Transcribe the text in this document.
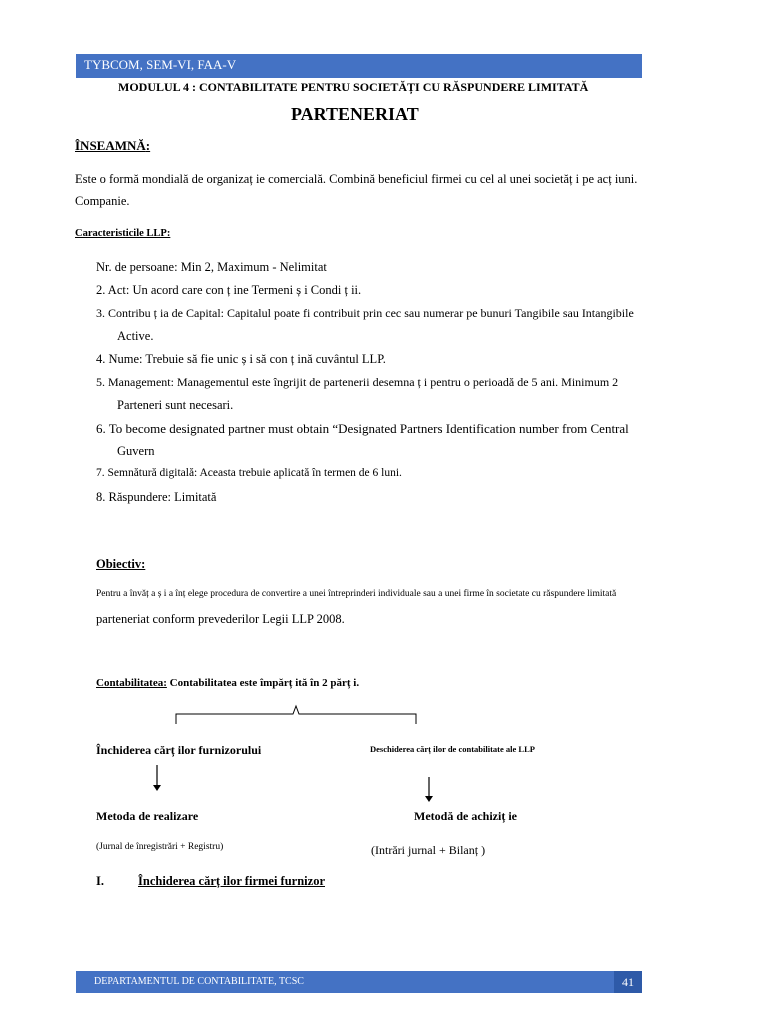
TYBCOM, SEM-VI, FAA-V
MODULUL 4 : CONTABILITATE PENTRU SOCIETĂȚI CU RĂSPUNDERE LIMITATĂ
PARTENERIAT
ÎNSEAMNĂ:
Este o formă mondială de organizaț ie comercială. Combină beneficiul firmei cu cel al unei societăț i pe acț iuni.
Companie.
Caracteristicile LLP:
Nr. de persoane: Min 2, Maximum - Nelimitat
2. Act: Un acord care con ț ine Termeni ș i Condi ț ii.
3. Contribu ț ia de Capital: Capitalul poate fi contribuit prin cec sau numerar pe bunuri Tangibile sau Intangibile
Active.
4. Nume: Trebuie să fie unic ș i să con ț ină cuvântul LLP.
5. Management: Managementul este îngrijit de partenerii desemna ț i pentru o perioadă de 5 ani. Minimum 2
Parteneri sunt necesari.
6. To become designated partner must obtain “Designated Partners Identification number from Central
Guvern
7. Semnătură digitală: Aceasta trebuie aplicată în termen de 6 luni.
8. Răspundere: Limitată
Obiectiv:
Pentru a învăț a ș i a înț elege procedura de convertire a unei întreprinderi individuale sau a unei firme în societate cu răspundere limitată
parteneriat conform prevederilor Legii LLP 2008.
Contabilitatea: Contabilitatea este împărț ită în 2 părț i.
Închiderea cărț ilor furnizorului	Deschiderea cărț ilor de contabilitate ale LLP
Metoda de realizare	Metodă de achiziț ie
(Jurnal de înregistrări + Registru)	(Intrări jurnal + Bilanț )
I.	Închiderea cărț ilor firmei furnizor
DEPARTAMENTUL DE CONTABILITATE, TCSC	41
